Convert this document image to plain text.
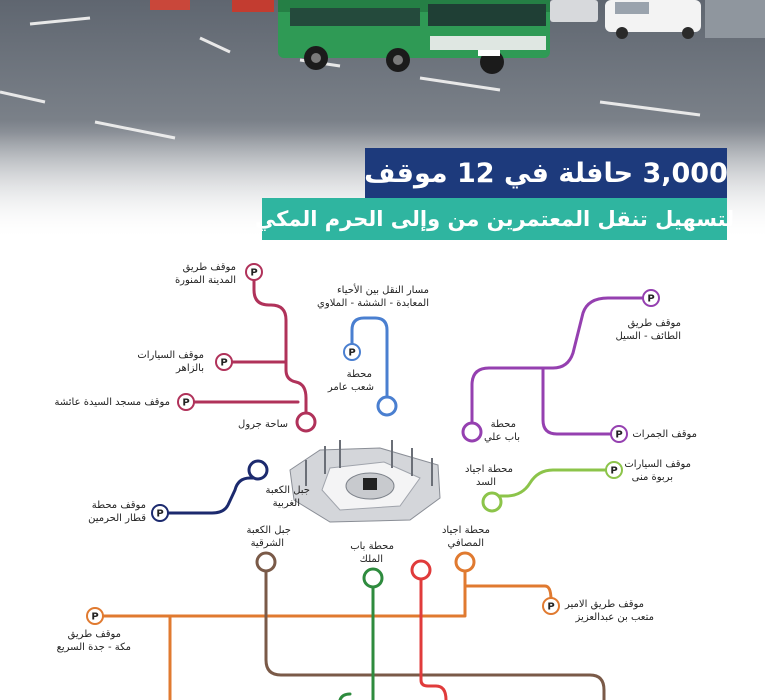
3,000 حافلة في 12 موقف
لتسهيل تنقل المعتمرين من وإلى الحرم المكي
P
P
P
P
P
P
P
P
P
P
موقف طريق
المدينة المنورة
موقف السيارات
بالزاهر
موقف مسجد السيدة عائشة
ساحة جرول
مسار النقل بين الأحياء
المعابدة - الششة - الملاوي
محطة
شعب عامر
موقف طريق
الطائف - السيل
محطة
باب علي	موقف الجمرات
محطة اجياد
السد
موقف السيارات
بربوة منى
جبل الكعبة
الغربية
موقف محطة
قطار الحرمين
جبل الكعبة
الشرقية	محطة باب
الملك
محطة اجياد
المصافي
موقف طريق الامير
متعب بن عبدالعزيز
موقف طريق
مكة - جدة السريع
